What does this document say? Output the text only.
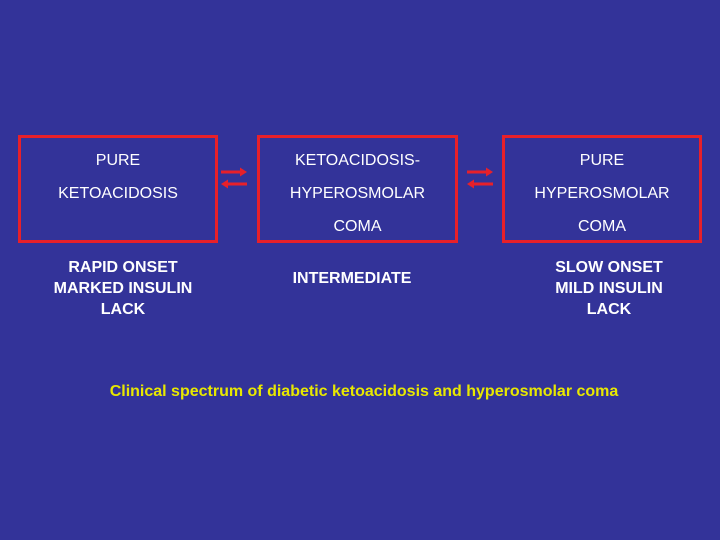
PURE
KETOACIDOSIS
KETOACIDOSIS-
HYPEROSMOLAR
COMA
PURE
HYPEROSMOLAR
COMA
RAPID ONSET
MARKED INSULIN
LACK
INTERMEDIATE
SLOW ONSET
MILD INSULIN
LACK
Clinical spectrum of diabetic ketoacidosis and hyperosmolar coma
